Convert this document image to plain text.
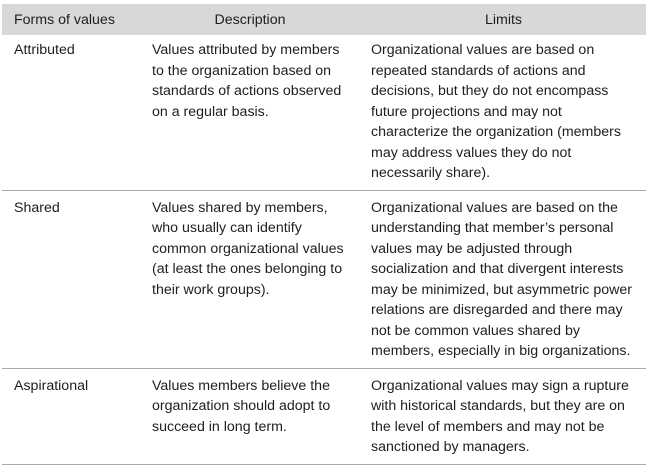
Forms of values	Description	Limits
Attributed	Values attributed by members to the organization based on standards of actions observed on a regular basis.	Organizational values are based on repeated standards of actions and decisions, but they do not encompass future projections and may not characterize the organization (members may address values they do not necessarily share).
Shared	Values shared by members, who usually can identify common organizational values (at least the ones belonging to their work groups).	Organizational values are based on the understanding that member’s personal values may be adjusted through socialization and that divergent interests may be minimized, but asymmetric power relations are disregarded and there may not be common values shared by members, especially in big organizations.
Aspirational	Values members believe the organization should adopt to succeed in long term.	Organizational values may sign a rupture with historical standards, but they are on the level of members and may not be sanctioned by managers.
